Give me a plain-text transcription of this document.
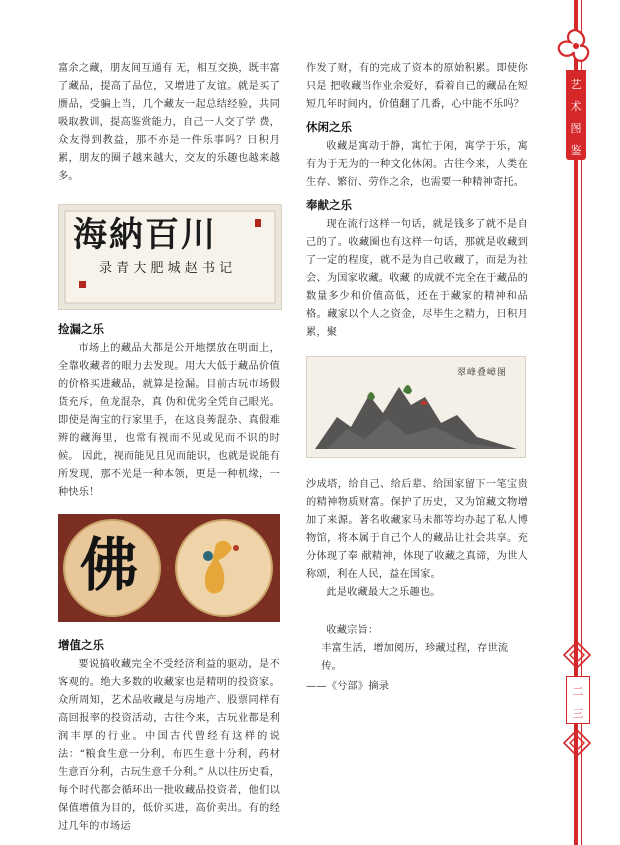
富余之藏，朋友间互通有 无，相互交换，既丰富了藏品，提高了品位，又增进了友谊。就是买了赝品，受骗上当，几个藏友一起总结经验，共同吸取教训，提高鉴赏能力，自己一人交了学 费，众友得到教益，那不亦是一件乐事吗？日积月累，朋友的圈子越来越大，交友的乐趣也越来越多。

海納百川
录 青 大 肥 城 赵 书 记
捡漏之乐

市场上的藏品大都是公开地摆放在明面上，全靠收藏者的眼力去发现。用大大低于藏品价值的价格买进藏品，就算是捡漏。目前古玩市场假货充斥，鱼龙混杂，真 伪和优劣全凭自己眼光。即使是淘宝的行家里手，在这良莠混杂、真假难辨的藏海里，也常有视而不见或见而不识的时候。 因此，视而能见且见而能识，也就是说能有所发现，那不光是一种本领，更是一种机缘，一种快乐！

佛
增值之乐

要说搞收藏完全不受经济利益的驱动，是不客观的。绝大多数的收藏家也是精明的投资家。众所周知，艺术品收藏是与房地产、股票同样有高回报率的投资活动，古往今来，古玩业都是利润丰厚的行业。中国古代曾经有这样的说法：“粮食生意一分利，布匹生意十分利，药材生意百分利，古玩生意千分利。” 从以往历史看，每个时代都会循环出一批收藏品投资者，他们以保值增值为目的，低价买进，高价卖出。有的经过几年的市场运

作发了财，有的完成了资本的原始积累。即使你只是 把收藏当作业余爱好，看着自己的藏品在短短几年时间内，价值翻了几番，心中能不乐吗？

休闲之乐

收藏是寓动于静，寓忙于闲，寓学于乐，寓有为于无为的一种文化休闲。古往今来，人类在生存、繁衍、劳作之余，也需要一种精神寄托。

奉献之乐

现在流行这样一句话，就是钱多了就不是自己的了。收藏圈也有这样一句话，那就是收藏到了一定的程度，就不是为自己收藏了，而是为社会、为国家收藏。收藏 的成就不完全在于藏品的数量多少和价值高低，还在于藏家的精神和品格。藏家以个人之资金，尽毕生之精力，日积月累，聚

翠峰叠嶂图

沙成塔，给自己、给后辈、给国家留下一笔宝贵的精神物质财富。保护了历史，又为馆藏文物增加了来源。著名收藏家马未都等均办起了私人博物馆，将本属于自己个人的藏品让社会共享。充分体现了奉 献精神，体现了收藏之真谛，为世人称颂，利在人民，益在国家。

此是收藏最大之乐趣也。

收藏宗旨：

丰富生活，增加阅历，珍藏过程，存世流传。

——《兮部》摘录

艺
术
图
鉴
二
三
